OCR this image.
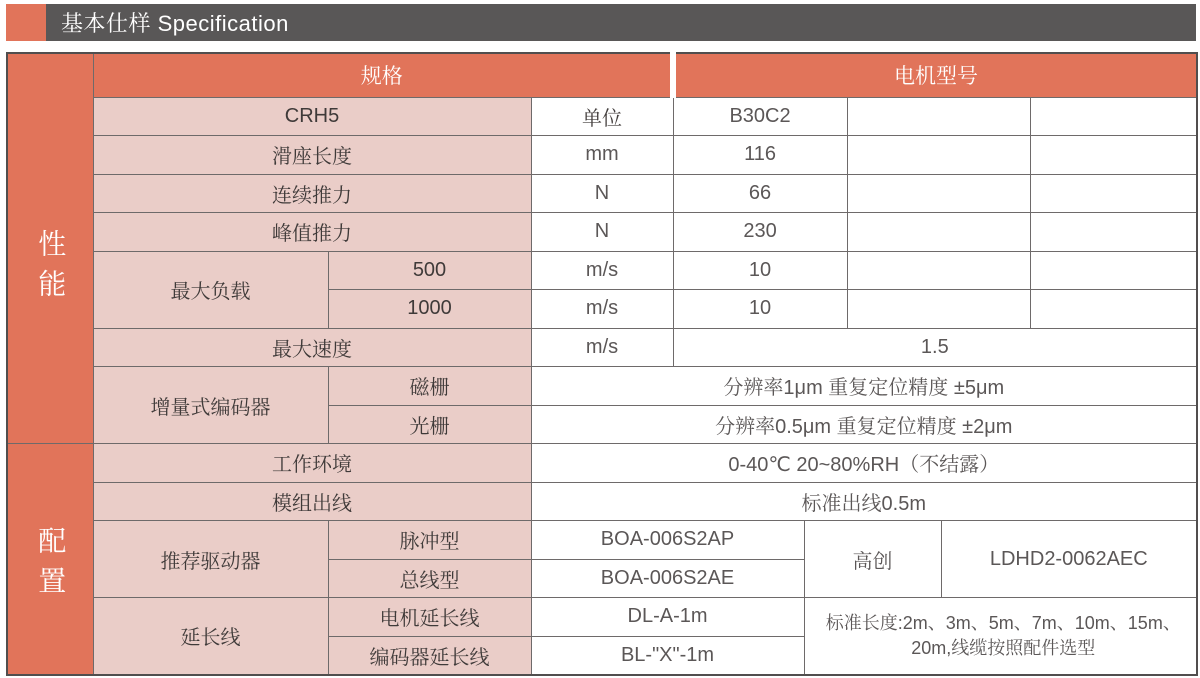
基本仕样 Specification
性能	规格			电机型号				
	CRH5		单位	B30C2				
	滑座长度		mm	116				
	连续推力		N	66				
	峰值推力		N	230				
	最大负载	500	m/s	10				
		1000	m/s	10				
	最大速度		m/s	1.5				
	增量式编码器	磁栅	分辨率1μm 重复定位精度 ±5μm					
		光栅	分辨率0.5μm 重复定位精度 ±2μm					
配置	工作环境		0-40℃ 20~80%RH（不结露）					
	模组出线		标准出线0.5m					
	推荐驱动器	脉冲型	BOA-006S2AP		高创		LDHD2-0062AEC	
		总线型	BOA-006S2AE					
	延长线	电机延长线	DL-A-1m		标准长度:2m、3m、5m、7m、10m、15m、20m,线缆按照配件选型			
		编码器延长线	BL-"X"-1m					
